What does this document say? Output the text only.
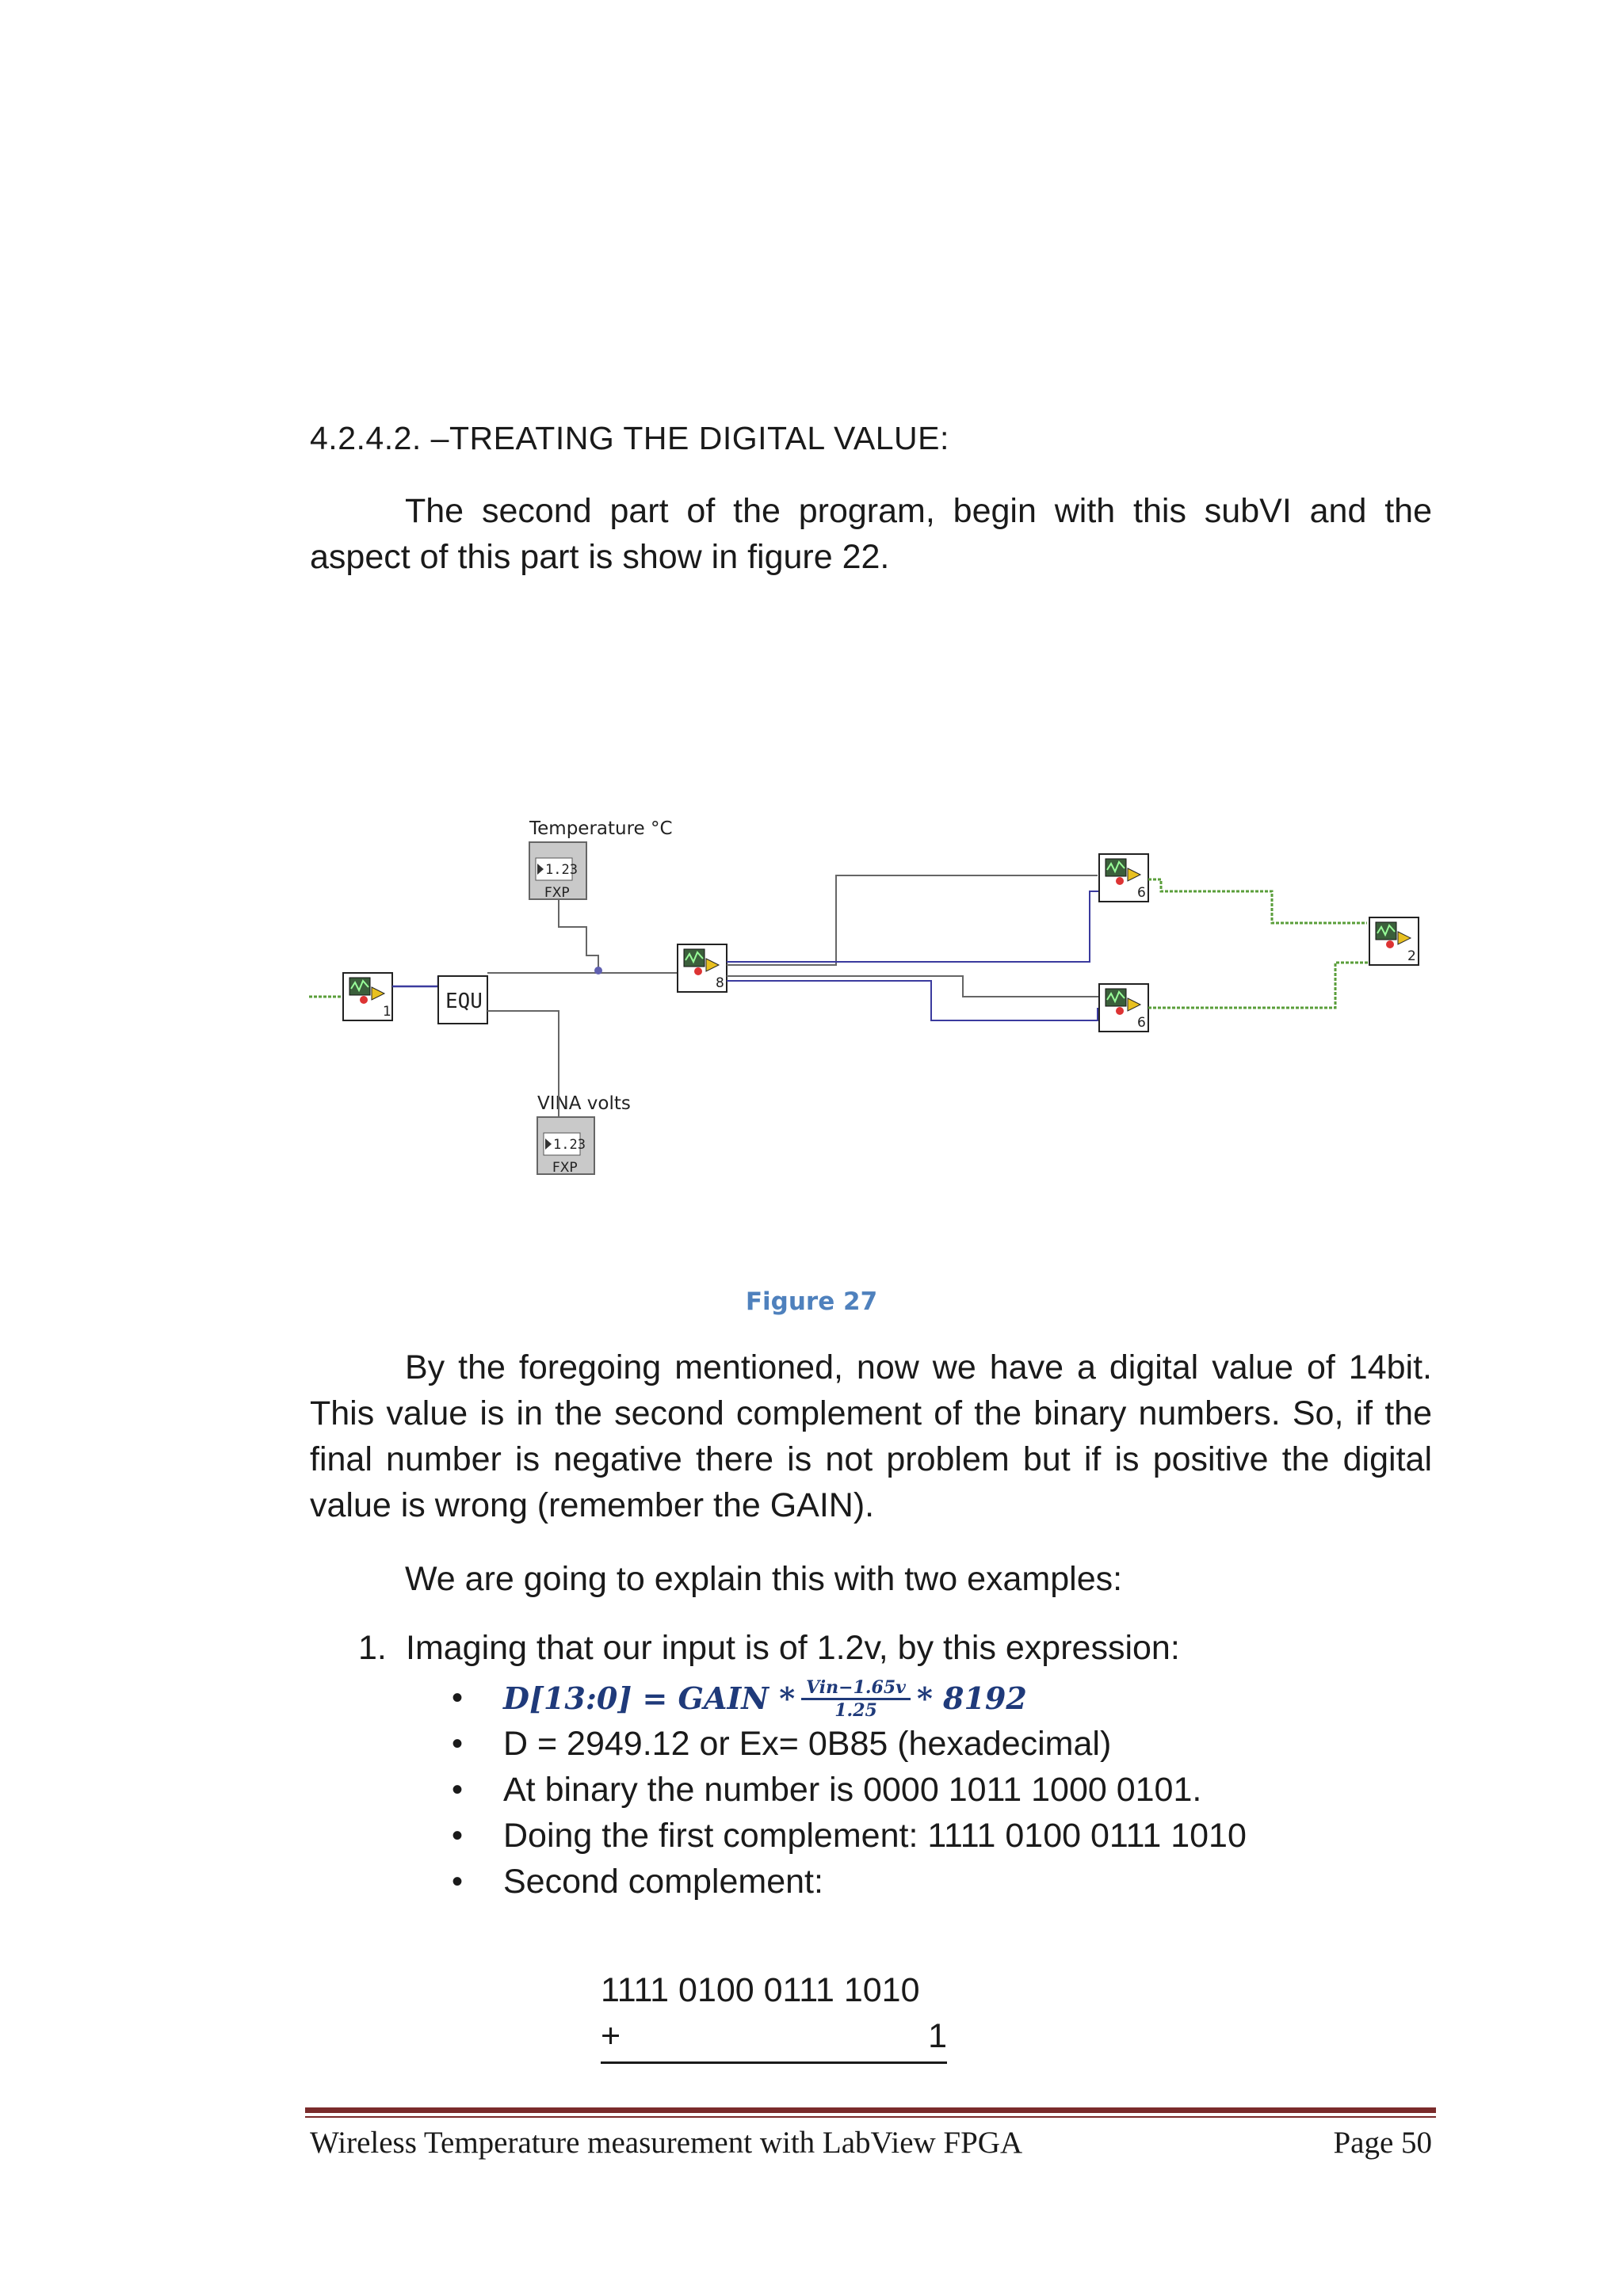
4.2.4.2. –TREATING THE DIGITAL VALUE:

The second part of the program, begin with this subVI and the aspect of this part is show in figure 22.

1	EQU
Temperature °C
1.23
FXP
VINA volts
1.23
FXP
8
6
6
2
Figure 27

By the foregoing mentioned, now we have a digital value of 14bit. This value is in the second complement of the binary numbers. So, if the final number is negative there is not problem but if is positive the digital value is wrong (remember the GAIN).

We are going to explain this with two examples:

1. Imaging that our input is of 1.2v, by this expression:
• D[13:0] = GAIN * $\frac{\text{Vin−1.65v}}{1.25} * 8192$
• D = 2949.12 or Ex= 0B85 (hexadecimal)
• At binary the number is 0000 1011 1000 0101.
• Doing the first complement: 1111 0100 0111 1010
• Second complement:
1111 0100 0111 1010
+	1
Wireless Temperature measurement with LabView FPGA	Page 50
